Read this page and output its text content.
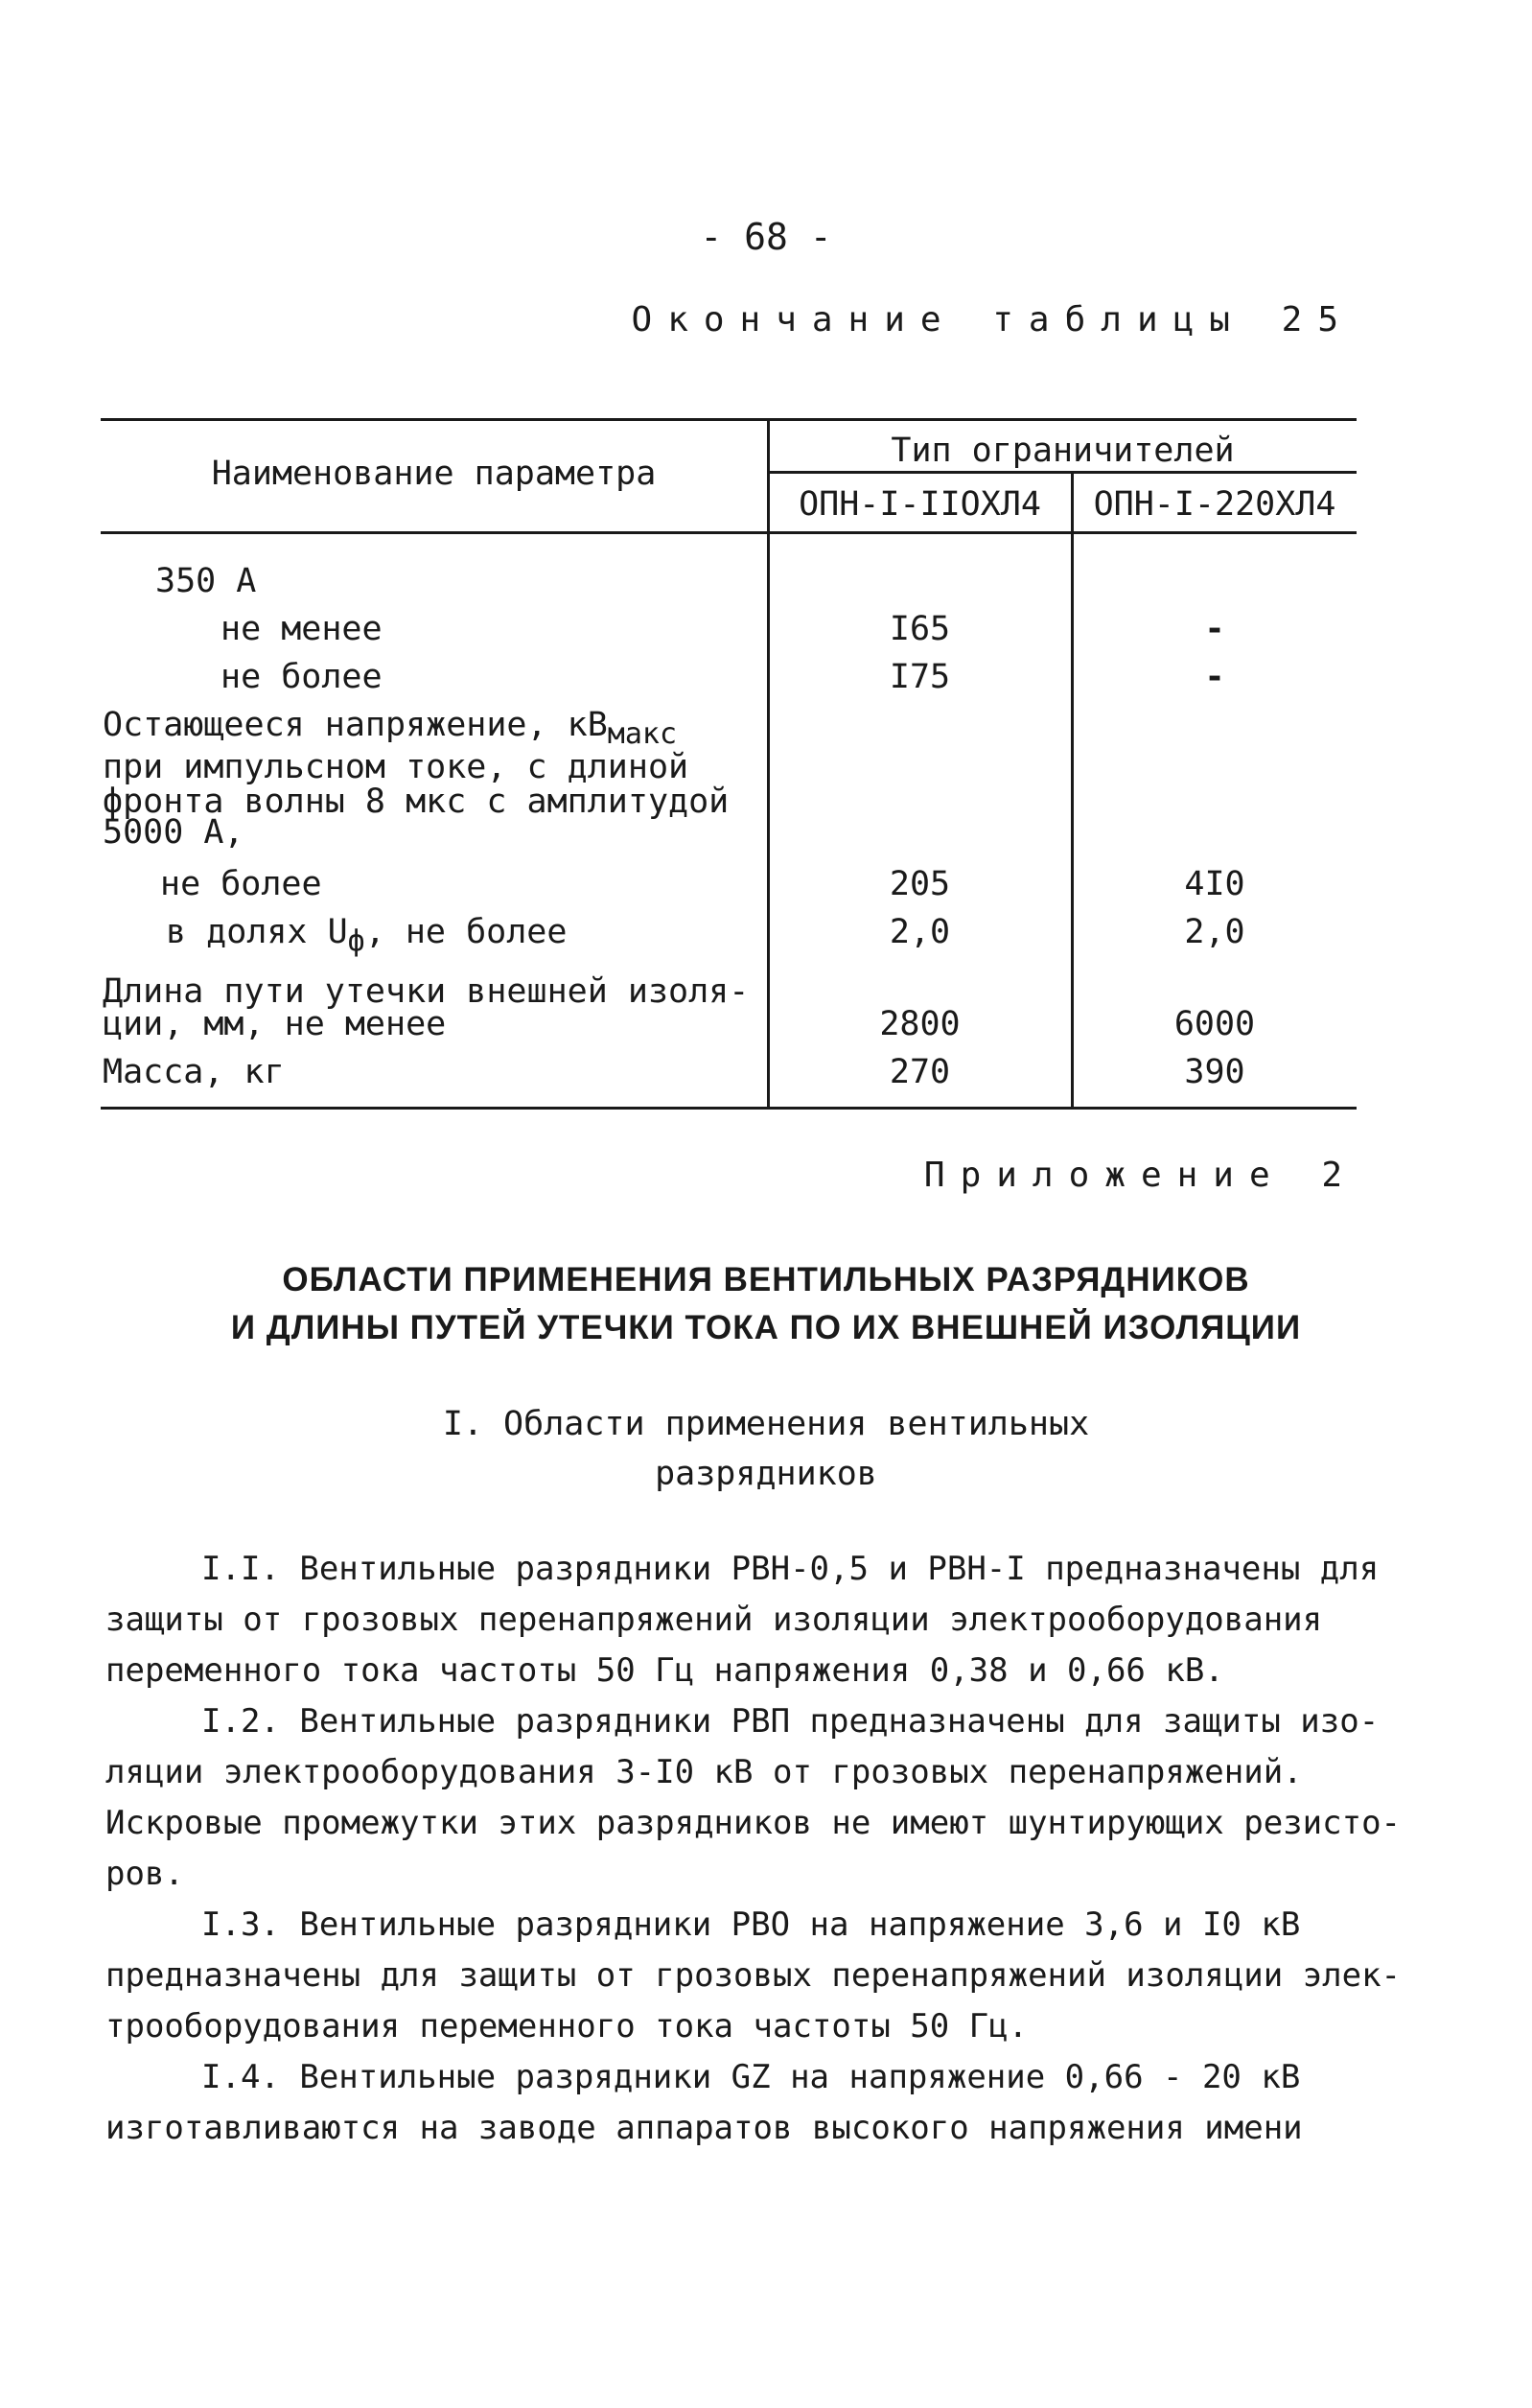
- 68 -
Окончание таблицы 25
Наименование параметра
Тип ограничителей
ОПН-I-IIOХЛ4	ОПН-I-220ХЛ4
350 А
не менее	I65	-
не более	I75	-
Остающееся напряжение, $кВ_{макс}$
при импульсном токе, с длиной
фронта волны 8 мкс с амплитудой
5000 А,
не более	205	4I0
в долях $U_ф$, не более	2,0	2,0
Длина пути утечки внешней изоля-
ции, мм, не менее	2800	6000
Масса, кг	270	390
Приложение 2
ОБЛАСТИ ПРИМЕНЕНИЯ ВЕНТИЛЬНЫХ РАЗРЯДНИКОВ
И ДЛИНЫ ПУТЕЙ УТЕЧКИ ТОКА ПО ИХ ВНЕШНЕЙ ИЗОЛЯЦИИ
I. Области применения вентильных
разрядников
I.I. Вентильные разрядники РВН-0,5 и РВН-I предназначены для
защиты от грозовых перенапряжений изоляции электрооборудования
переменного тока частоты 50 Гц напряжения 0,38 и 0,66 кВ.
I.2. Вентильные разрядники РВП предназначены для защиты изо-
ляции электрооборудования 3-I0 кВ от грозовых перенапряжений.
Искровые промежутки этих разрядников не имеют шунтирующих резисто-
ров.
I.3. Вентильные разрядники РВО на напряжение 3,6 и I0 кВ
предназначены для защиты от грозовых перенапряжений изоляции элек-
трооборудования переменного тока частоты 50 Гц.
I.4. Вентильные разрядники GZ на напряжение 0,66 - 20 кВ
изготавливаются на заводе аппаратов высокого напряжения имени
